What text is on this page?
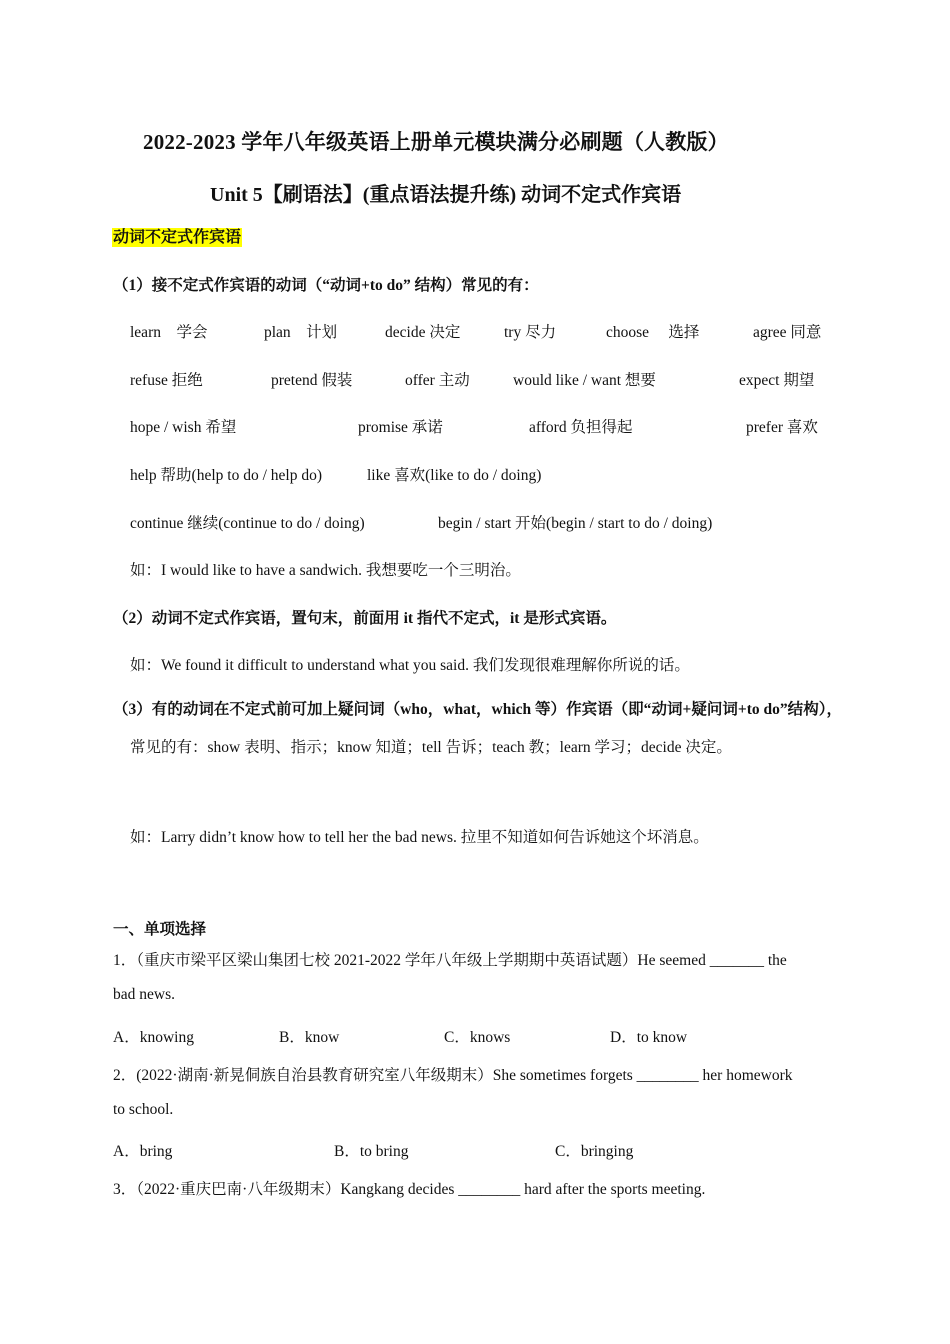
2022-2023 学年八年级英语上册单元模块满分必刷题（人教版）
Unit 5【刷语法】(重点语法提升练) 动词不定式作宾语
动词不定式作宾语
（1）接不定式作宾语的动词（“动词+to do” 结构）常见的有：
learn　学会	plan　计划	decide 决定	try 尽力	choose　 选择	agree 同意
refuse 拒绝	pretend 假装	offer 主动	would like / want 想要	expect 期望
hope / wish 希望	promise 承诺	afford 负担得起	prefer 喜欢
help 帮助(help to do / help do)	like 喜欢(like to do / doing)
continue 继续(continue to do / doing)	begin / start 开始(begin / start to do / doing)
如：I would like to have a sandwich. 我想要吃一个三明治。
（2）动词不定式作宾语，置句末，前面用 it 指代不定式，it 是形式宾语。
如：We found it difficult to understand what you said. 我们发现很难理解你所说的话。
（3）有的动词在不定式前可加上疑问词（who，what，which 等）作宾语（即“动词+疑问词+to do”结构），常见的有：show 表明、指示；know 知道；tell 告诉；teach 教；learn 学习；decide 决定。
如：Larry didn’t know how to tell her the bad news. 拉里不知道如何告诉她这个坏消息。
一、单项选择
1．（重庆市梁平区梁山集团七校 2021-2022 学年八年级上学期期中英语试题）He seemed _______ the
bad news.
A．knowing	B．know	C．knows	D．to know
2．(2022·湖南·新晃侗族自治县教育研究室八年级期末）She sometimes forgets ________ her homework
to school.
A．bring	B．to bring	C．bringing
3．（2022·重庆巴南·八年级期末）Kangkang decides ________ hard after the sports meeting.
